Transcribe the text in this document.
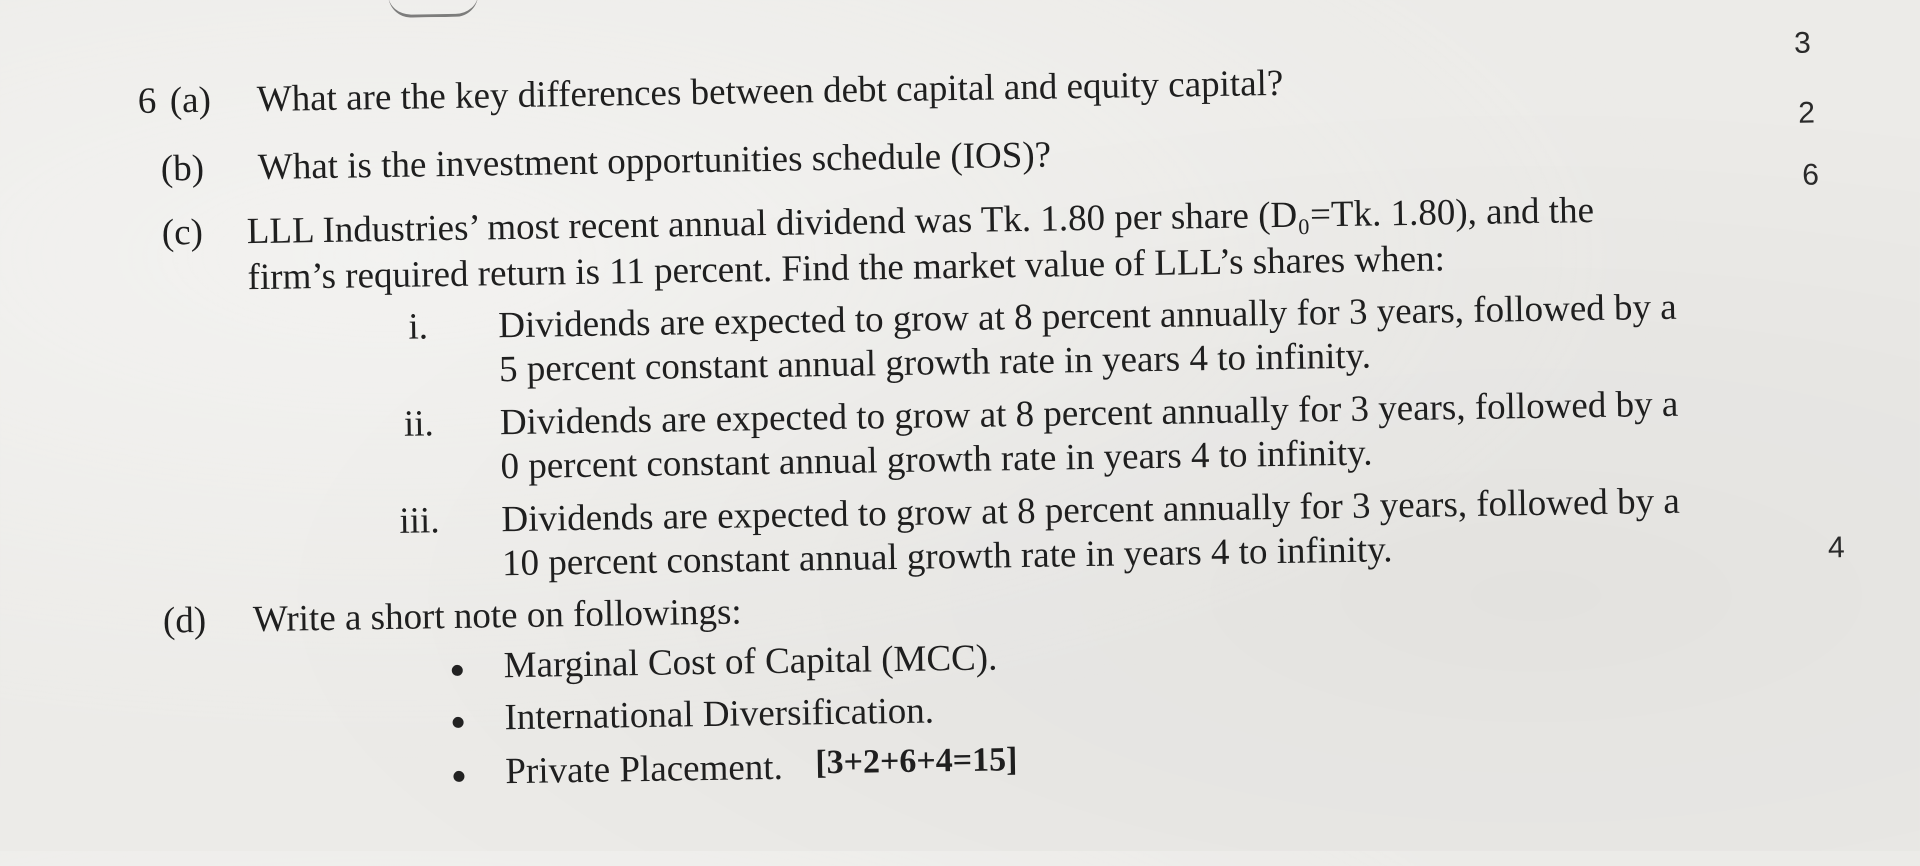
6 (a) What are the key differences between debt capital and equity capital?
3
(b) What is the investment opportunities schedule (IOS)?
2
(c) LLL Industries’ most recent annual dividend was Tk. 1.80 per share (D₀=Tk. 1.80), and the
firm’s required return is 11 percent. Find the market value of LLL’s shares when:
6
i. Dividends are expected to grow at 8 percent annually for 3 years, followed by a
5 percent constant annual growth rate in years 4 to infinity.
ii. Dividends are expected to grow at 8 percent annually for 3 years, followed by a
0 percent constant annual growth rate in years 4 to infinity.
iii. Dividends are expected to grow at 8 percent annually for 3 years, followed by a
10 percent constant annual growth rate in years 4 to infinity.
(d) Write a short note on followings:
4
Marginal Cost of Capital (MCC).
International Diversification.
Private Placement. [3+2+6+4=15]
